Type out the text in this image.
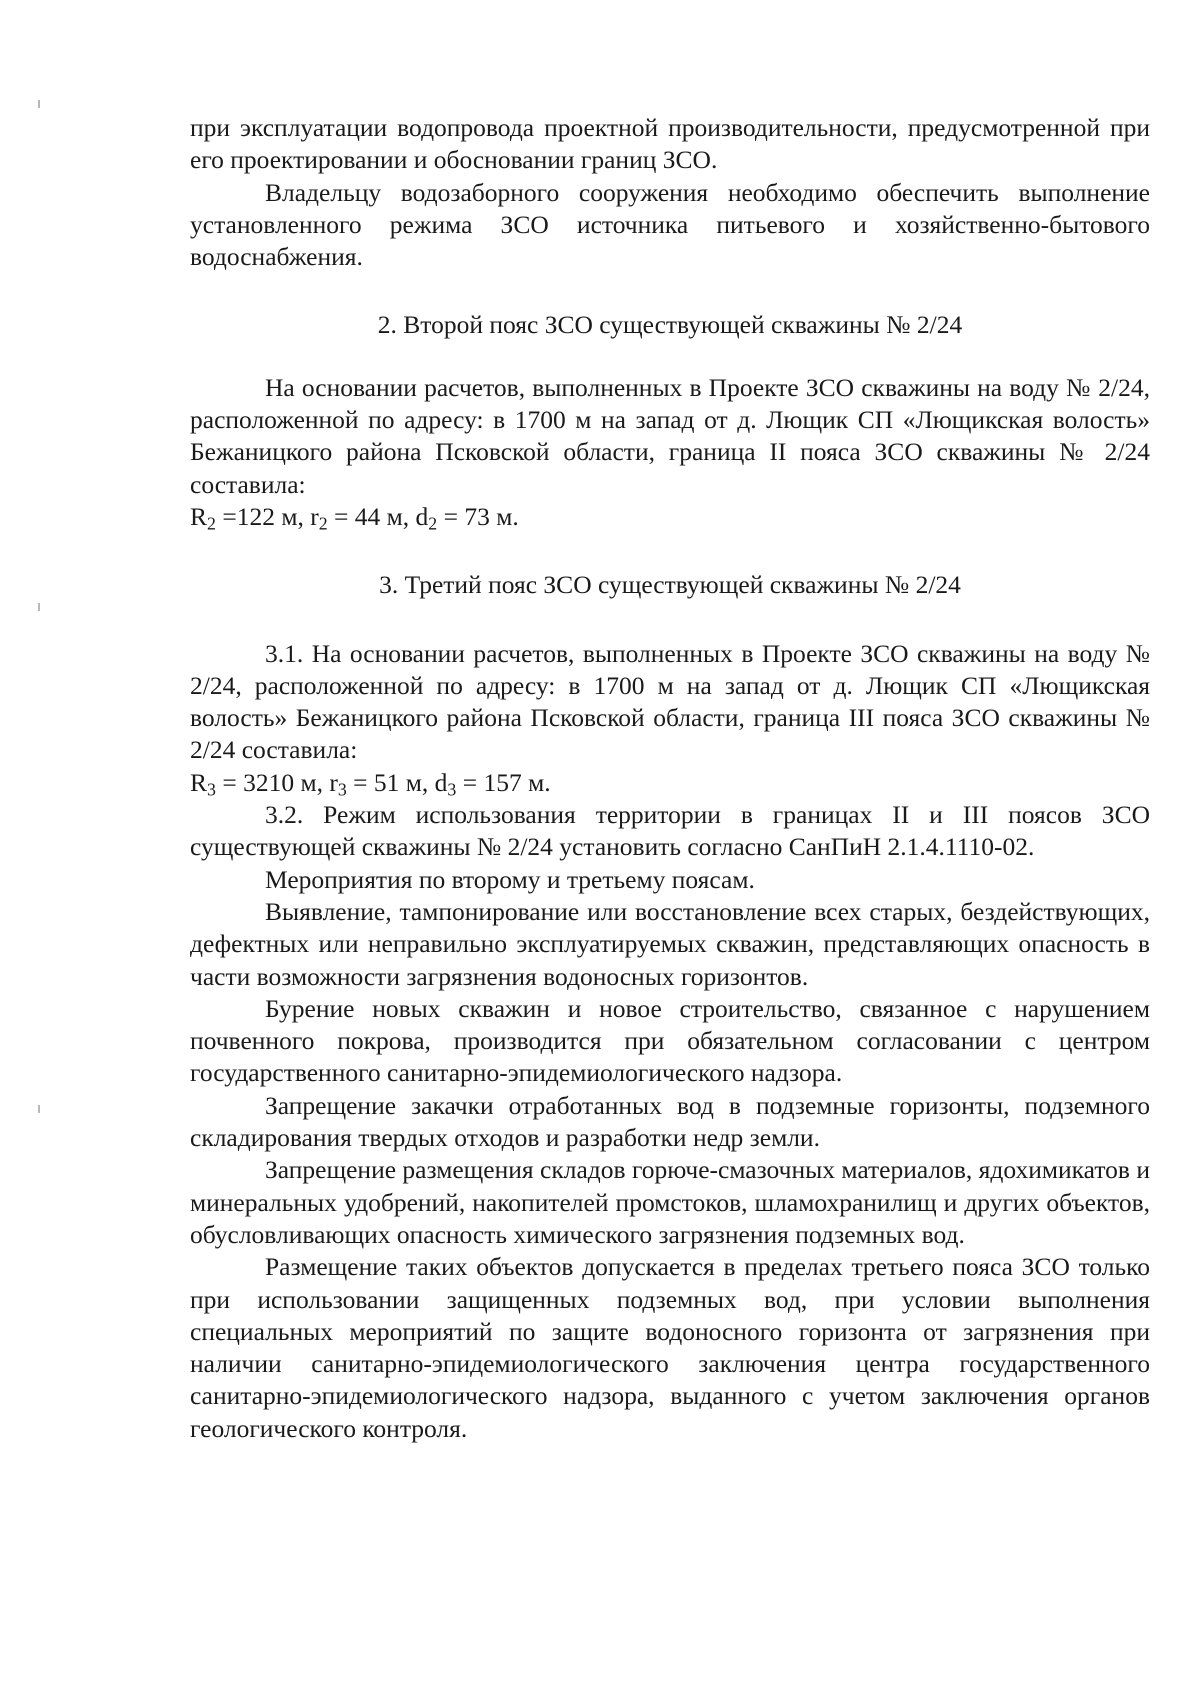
при эксплуатации водопровода проектной производительности, предусмотренной при его проектировании и обосновании границ ЗСО.

Владельцу водозаборного сооружения необходимо обеспечить выполнение установленного режима ЗСО источника питьевого и хозяйственно-бытового водоснабжения.

2. Второй пояс ЗСО существующей скважины № 2/24

На основании расчетов, выполненных в Проекте ЗСО скважины на воду № 2/24, расположенной по адресу: в 1700 м на запад от д. Лющик СП «Лющикская волость» Бежаницкого района Псковской области, граница II пояса ЗСО скважины № 2/24 составила:

$R_2 =122$ м, $r_2 = 44$ м, $d_2 = 73$ м.

3. Третий пояс ЗСО существующей скважины № 2/24

3.1. На основании расчетов, выполненных в Проекте ЗСО скважины на воду № 2/24, расположенной по адресу: в 1700 м на запад от д. Лющик СП «Лющикская волость» Бежаницкого района Псковской области, граница III пояса ЗСО скважины № 2/24 составила:

$R_3 = 3210$ м, $r_3 = 51$ м, $d_3 = 157$ м.

3.2. Режим использования территории в границах II и III поясов ЗСО существующей скважины № 2/24 установить согласно СанПиН 2.1.4.1110-02.

Мероприятия по второму и третьему поясам.

Выявление, тампонирование или восстановление всех старых, бездействующих, дефектных или неправильно эксплуатируемых скважин, представляющих опасность в части возможности загрязнения водоносных горизонтов.

Бурение новых скважин и новое строительство, связанное с нарушением почвенного покрова, производится при обязательном согласовании с центром государственного санитарно-эпидемиологического надзора.

Запрещение закачки отработанных вод в подземные горизонты, подземного складирования твердых отходов и разработки недр земли.

Запрещение размещения складов горюче-смазочных материалов, ядохимикатов и минеральных удобрений, накопителей промстоков, шламохранилищ и других объектов, обусловливающих опасность химического загрязнения подземных вод.

Размещение таких объектов допускается в пределах третьего пояса ЗСО только при использовании защищенных подземных вод, при условии выполнения специальных мероприятий по защите водоносного горизонта от загрязнения при наличии санитарно-эпидемиологического заключения центра государственного санитарно-эпидемиологического надзора, выданного с учетом заключения органов геологического контроля.
